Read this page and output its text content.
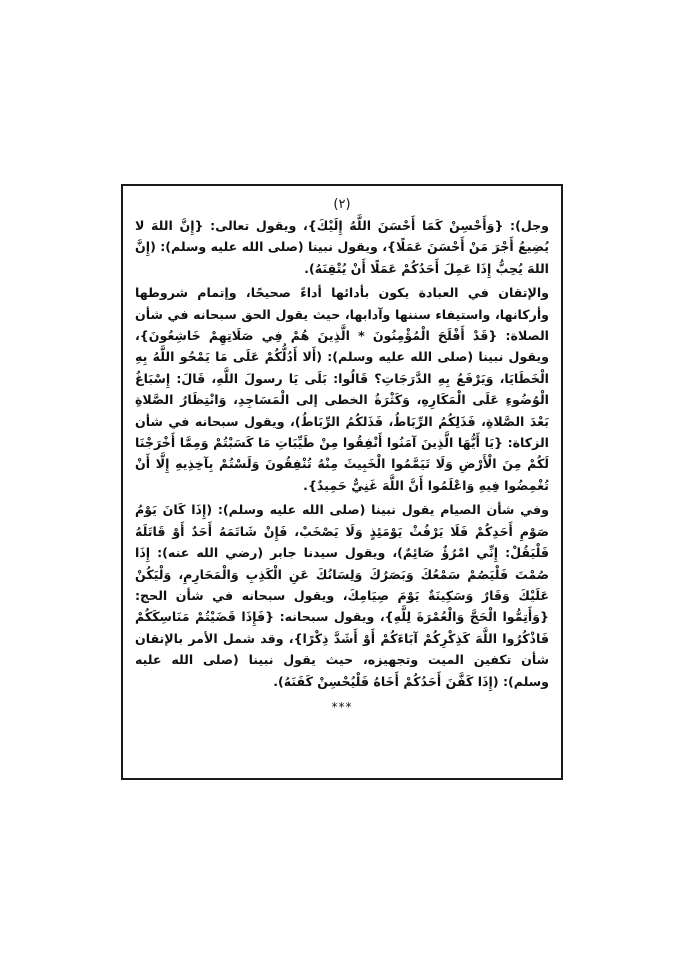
(٢)

وجل): {وَأَحْسِنْ كَمَا أَحْسَنَ اللَّهُ إِلَيْكَ}، ويقول تعالى: {إِنَّ اللهَ لا يُضِيعُ أَجْرَ مَنْ أَحْسَنَ عَمَلًا}، ويقول نبينا (صلى الله عليه وسلم): (إِنَّ اللهَ يُحِبُّ إِذَا عَمِلَ أَحَدُكُمْ عَمَلًا أَنْ يُتْقِنَهُ).

والإتقان في العبادة يكون بأدائها أداءً صحيحًا، وإتمام شروطها وأركانها، واستيفاء سننها وآدابها، حيث يقول الحق سبحانه في شأن الصلاة: {قَدْ أَفْلَحَ الْمُؤْمِنُونَ * الَّذِينَ هُمْ فِي صَلَاتِهِمْ خَاشِعُونَ}، ويقول نبينا (صلى الله عليه وسلم): (أَلا أَدُلُّكُمْ عَلَى مَا يَمْحُو اللَّهُ بِهِ الْخَطَايَا، وَيَرْفَعُ بِهِ الدَّرَجَاتِ؟ قَالُوا: بَلَى يَا رسولَ اللَّهِ، قَالَ: إِسْبَاغُ الْوُضُوءِ عَلَى الْمَكَارِهِ، وَكَثْرَةُ الخطى إلى الْمَسَاجِدِ، وَانْتِظَارُ الصَّلاةِ بَعْدَ الصَّلاةِ، فَذَلِكُمُ الرِّبَاطُ، فَذَلكُمُ الرِّبَاطُ)، ويقول سبحانه في شأن الزكاة: {يَا أَيُّهَا الَّذِينَ آمَنُوا أَنْفِقُوا مِنْ طَيِّبَاتِ مَا كَسَبْتُمْ وَمِمَّا أَخْرَجْنَا لَكُمْ مِنَ الْأَرْضِ وَلَا تَيَمَّمُوا الْخَبِيثَ مِنْهُ تُنْفِقُونَ وَلَسْتُمْ بِآخِذِيهِ إِلَّا أَنْ تُغْمِضُوا فِيهِ وَاعْلَمُوا أَنَّ اللَّهَ غَنِيٌّ حَمِيدٌ}.

وفي شأن الصيام يقول نبينا (صلى الله عليه وسلم): (إِذَا كَانَ يَوْمُ صَوْمِ أَحَدِكُمْ فَلَا يَرْفُثْ يَوْمَئِذٍ وَلَا يَصْخَبْ، فَإِنْ شَاتَمَهُ أَحَدٌ أَوْ قَاتَلَهُ فَلْيَقُلْ: إِنِّي امْرُؤٌ صَائِمٌ)، ويقول سيدنا جابر (رضي الله عنه): إِذَا صُمْتَ فَلْيَصُمْ سَمْعُكَ وَبَصَرُكَ وَلِسَانُكَ عَنِ الْكَذِبِ وَالْمَحَارِمِ، وَلْيَكُنْ عَلَيْكَ وَقَارٌ وَسَكِينَةٌ يَوْمَ صِيَامِكَ، ويقول سبحانه في شأن الحج: {وَأَتِمُّوا الْحَجَّ وَالْعُمْرَةَ لِلَّهِ}، ويقول سبحانه: {فَإِذَا قَضَيْتُمْ مَنَاسِكَكُمْ فَاذْكُرُوا اللَّهَ كَذِكْرِكُمْ آبَاءَكُمْ أَوْ أَشَدَّ ذِكْرًا}، وقد شمل الأمر بالإتقان شأن تكفين الميت وتجهيزه، حيث يقول نبينا (صلى الله عليه وسلم): (إِذَا كَفَّنَ أَحَدُكُمْ أَخَاهُ فَلْيُحْسِنْ كَفَنَهُ).

***
